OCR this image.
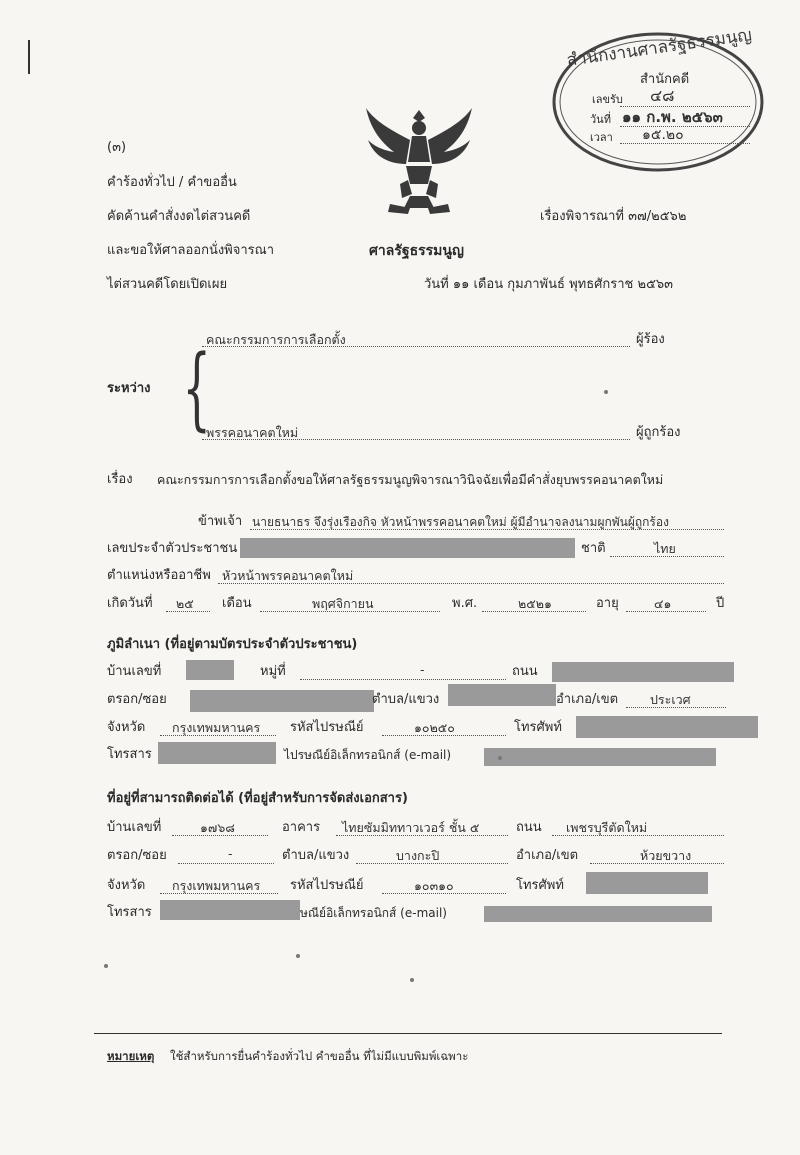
สำนักงานศาลรัฐธรรมนูญ
สำนักคดี
เลขรับ ๔๘
วันที่ ๑๑ ก.พ. ๒๕๖๓
เวลา ๑๕.๒๐
(๓)
คำร้องทั่วไป / คำขออื่น
คัดค้านคำสั่งงดไต่สวนคดี
และขอให้ศาลออกนั่งพิจารณา
ไต่สวนคดีโดยเปิดเผย
เรื่องพิจารณาที่ ๓๗/๒๕๖๒
ศาลรัฐธรรมนูญ
วันที่ ๑๑ เดือน กุมภาพันธ์ พุทธศักราช ๒๕๖๓
ระหว่าง {
คณะกรรมการการเลือกตั้ง	ผู้ร้อง
พรรคอนาคตใหม่	ผู้ถูกร้อง
เรื่อง คณะกรรมการการเลือกตั้งขอให้ศาลรัฐธรรมนูญพิจารณาวินิจฉัยเพื่อมีคำสั่งยุบพรรคอนาคตใหม่
ข้าพเจ้า นายธนาธร จึงรุ่งเรืองกิจ หัวหน้าพรรคอนาคตใหม่ ผู้มีอำนาจลงนามผูกพันผู้ถูกร้อง
เลขประจำตัวประชาชน	ชาติ	ไทย
ตำแหน่งหรืออาชีพ หัวหน้าพรรคอนาคตใหม่
เกิดวันที่ ๒๕ เดือน	พฤศจิกายน	พ.ศ.	๒๕๒๑	อายุ	๔๑	ปี
ภูมิลำเนา (ที่อยู่ตามบัตรประจำตัวประชาชน)
บ้านเลขที่	หมู่ที่	-	ถนน
ตรอก/ซอย	ตำบล/แขวง	อำเภอ/เขต	ประเวศ
จังหวัด กรุงเทพมหานคร รหัสไปรษณีย์	๑๐๒๕๐	โทรศัพท์
โทรสาร	ไปรษณีย์อิเล็กทรอนิกส์ (e-mail)
ที่อยู่ที่สามารถติดต่อได้ (ที่อยู่สำหรับการจัดส่งเอกสาร)
บ้านเลขที่	๑๗๖๘	อาคาร ไทยซัมมิททาวเวอร์ ชั้น ๕	ถนน เพชรบุรีตัดใหม่
ตรอก/ซอย	-	ตำบล/แขวง	บางกะปิ	อำเภอ/เขต	ห้วยขวาง
จังหวัด กรุงเทพมหานคร รหัสไปรษณีย์	๑๐๓๑๐	โทรศัพท์
โทรสาร	ษณีย์อิเล็กทรอนิกส์ (e-mail)
หมายเหตุ ใช้สำหรับการยื่นคำร้องทั่วไป คำขออื่น ที่ไม่มีแบบพิมพ์เฉพาะ
